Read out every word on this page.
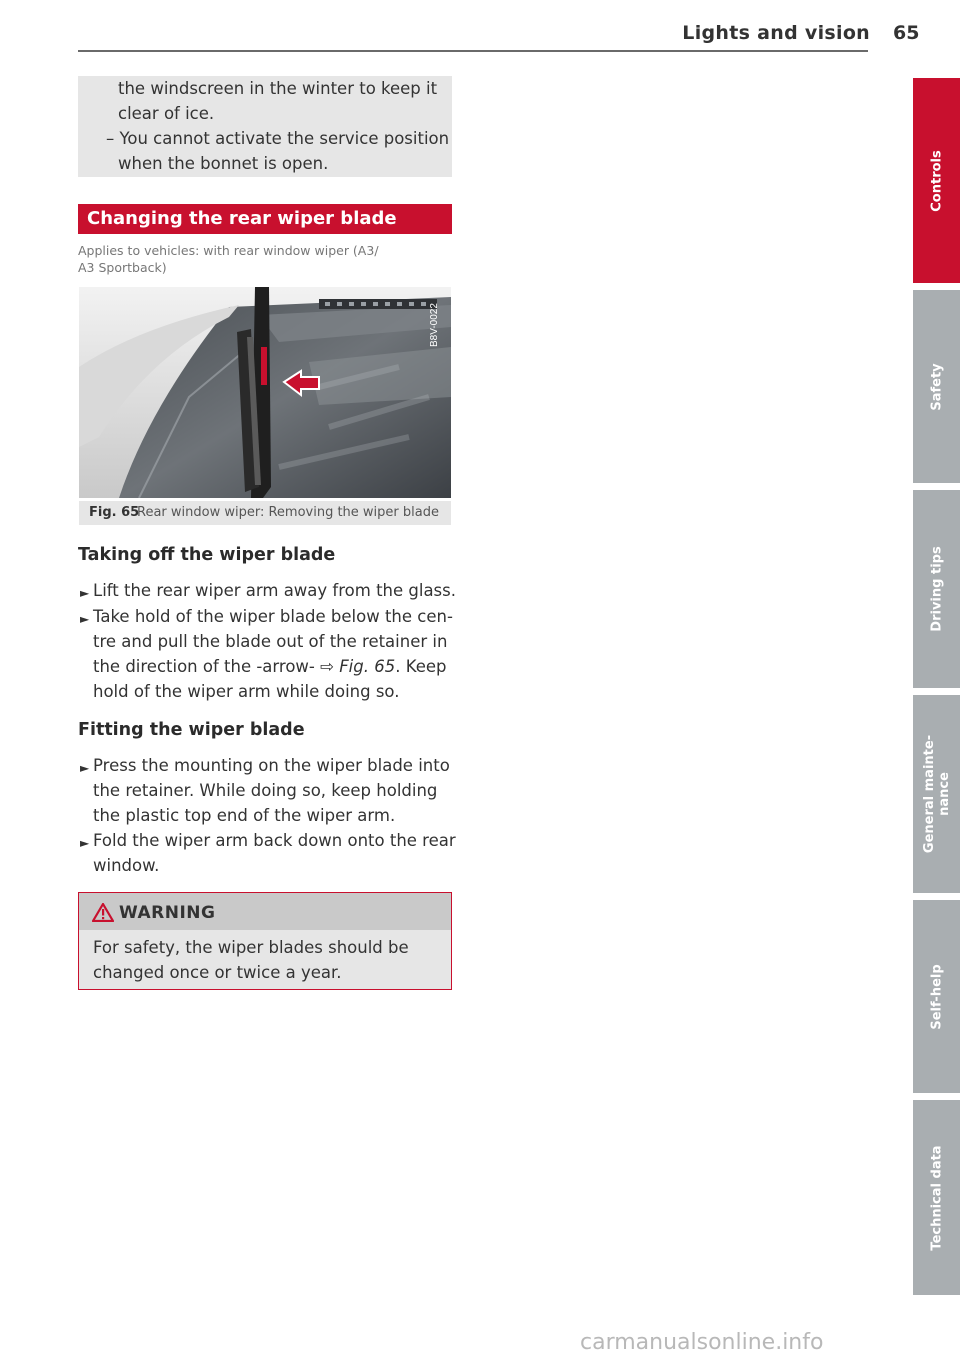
Lights and vision 65
the windscreen in the winter to keep it
clear of ice.
– You cannot activate the service position
when the bonnet is open.
Changing the rear wiper blade
Applies to vehicles: with rear window wiper (A3/
A3 Sportback)
B8V-0022
Fig. 65
Rear window wiper: Removing the wiper blade
Taking off the wiper blade
► Lift the rear wiper arm away from the glass.
► Take hold of the wiper blade below the cen-
tre and pull the blade out of the retainer in
the direction of the -arrow- ⇨ Fig. 65. Keep
hold of the wiper arm while doing so.
Fitting the wiper blade
► Press the mounting on the wiper blade into
the retainer. While doing so, keep holding
the plastic top end of the wiper arm.
► Fold the wiper arm back down onto the rear
window.
WARNING
For safety, the wiper blades should be
changed once or twice a year.
Controls
Safety
Driving tips
General mainte-
nance
Self-help
Technical data
carmanualsonline.info
